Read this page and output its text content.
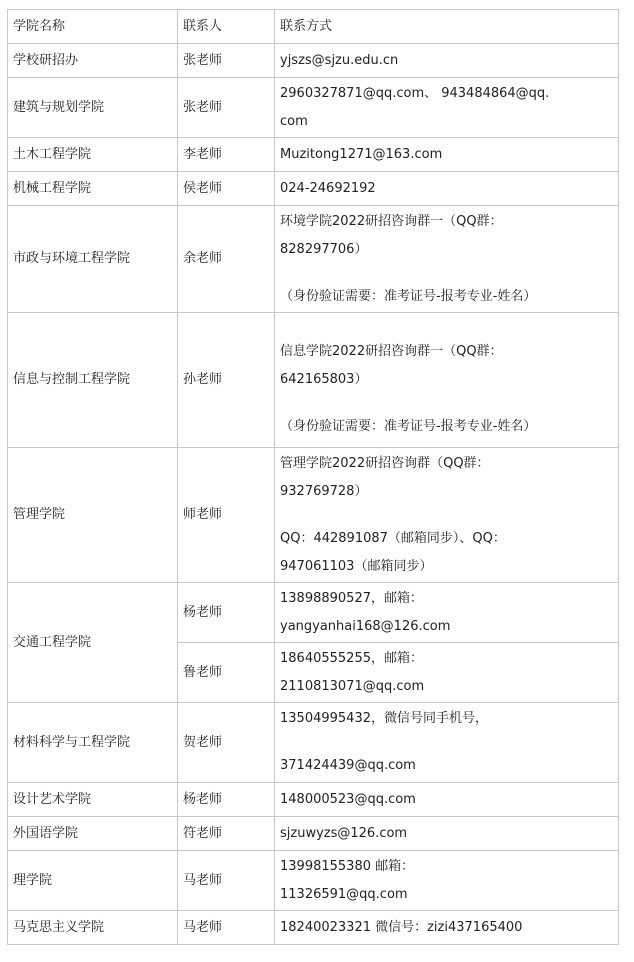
学院名称	联系人	联系方式
学校研招办	张老师	yjszs@sjzu.edu.cn

建筑与规划学院	张老师	2960327871@qq.com、 943484864@qq.
com

土木工程学院	李老师	Muzitong1271@163.com

机械工程学院	侯老师	024-24692192

市政与环境工程学院	余老师	环境学院2022研招咨询群一（QQ群：
828297706）
（身份验证需要：准考证号-报考专业-姓名）

信息与控制工程学院	孙老师	信息学院2022研招咨询群一（QQ群：
642165803）
（身份验证需要：准考证号-报考专业-姓名）

管理学院	师老师	管理学院2022研招咨询群（QQ群：
932769728）
QQ：442891087（邮箱同步）、QQ：
947061103（邮箱同步）

交通工程学院	杨老师	13898890527，邮箱：
yangyanhai168@126.com

	鲁老师	18640555255，邮箱：
2110813071@qq.com

材料科学与工程学院	贺老师	13504995432，微信号同手机号，
371424439@qq.com

设计艺术学院	杨老师	148000523@qq.com

外国语学院	符老师	sjzuwyzs@126.com

理学院	马老师	13998155380 邮箱：
11326591@qq.com

马克思主义学院	马老师	18240023321 微信号：zizi437165400
